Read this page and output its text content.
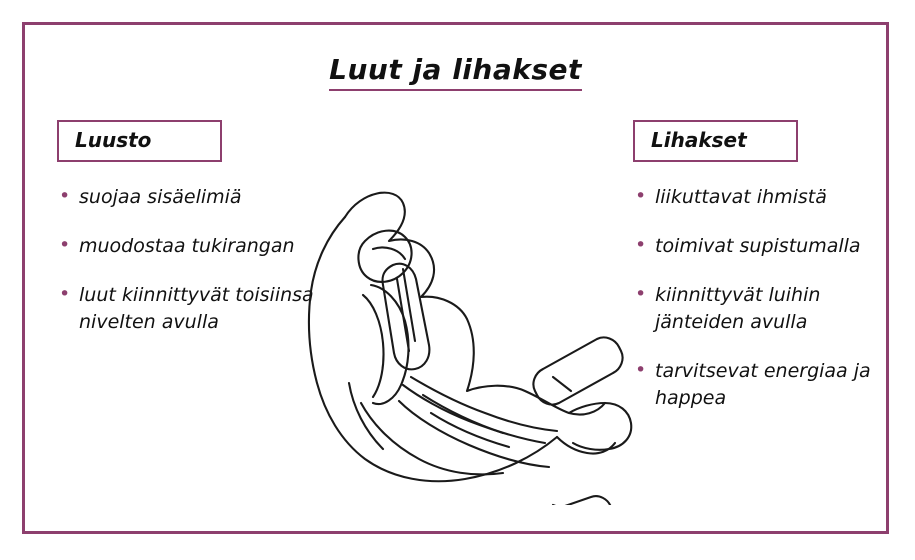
Luut ja lihakset
Luusto
• suojaa sisäelimiä
• muodostaa tukirangan
• luut kiinnittyvät toisiinsa nivelten avulla
Lihakset
• liikuttavat ihmistä
• toimivat supistumalla
• kiinnittyvät luihin jänteiden avulla
• tarvitsevat energiaa ja happea
